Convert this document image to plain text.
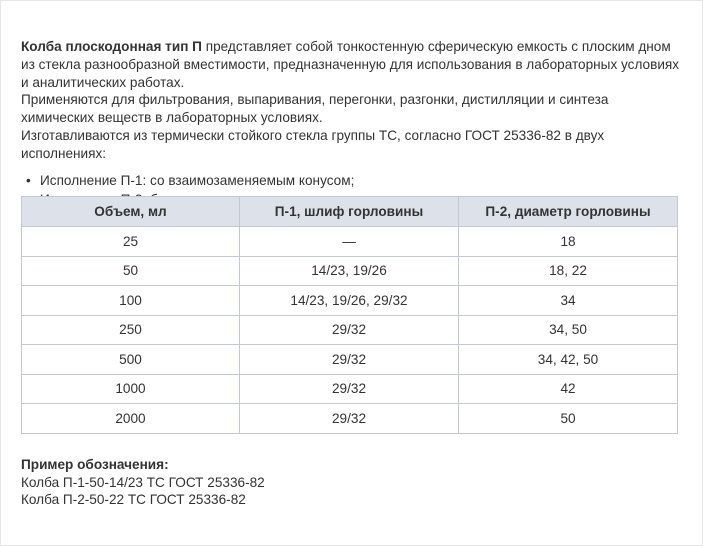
Колба плоскодонная тип П представляет собой тонкостенную сферическую емкость с плоским дном из стекла разнообразной вместимости, предназначенную для использования в лабораторных условиях и аналитических работах.

Применяются для фильтрования, выпаривания, перегонки, разгонки, дистилляции и синтеза химических веществ в лабораторных условиях.

Изготавливаются из термически стойкого стекла группы ТС, согласно ГОСТ 25336-82 в двух исполнениях:

• Исполнение П-1: со взаимозаменяемым конусом;
•
Объем, мл	П-1, шлиф горловины	П-2, диаметр горловины
25	—	18
50	14/23, 19/26	18, 22
100	14/23, 19/26, 29/32	34
250	29/32	34, 50
500	29/32	34, 42, 50
1000	29/32	42
2000	29/32	50

Пример обозначения:

Колба П-1-50-14/23 ТС ГОСТ 25336-82

Колба П-2-50-22 ТС ГОСТ 25336-82
